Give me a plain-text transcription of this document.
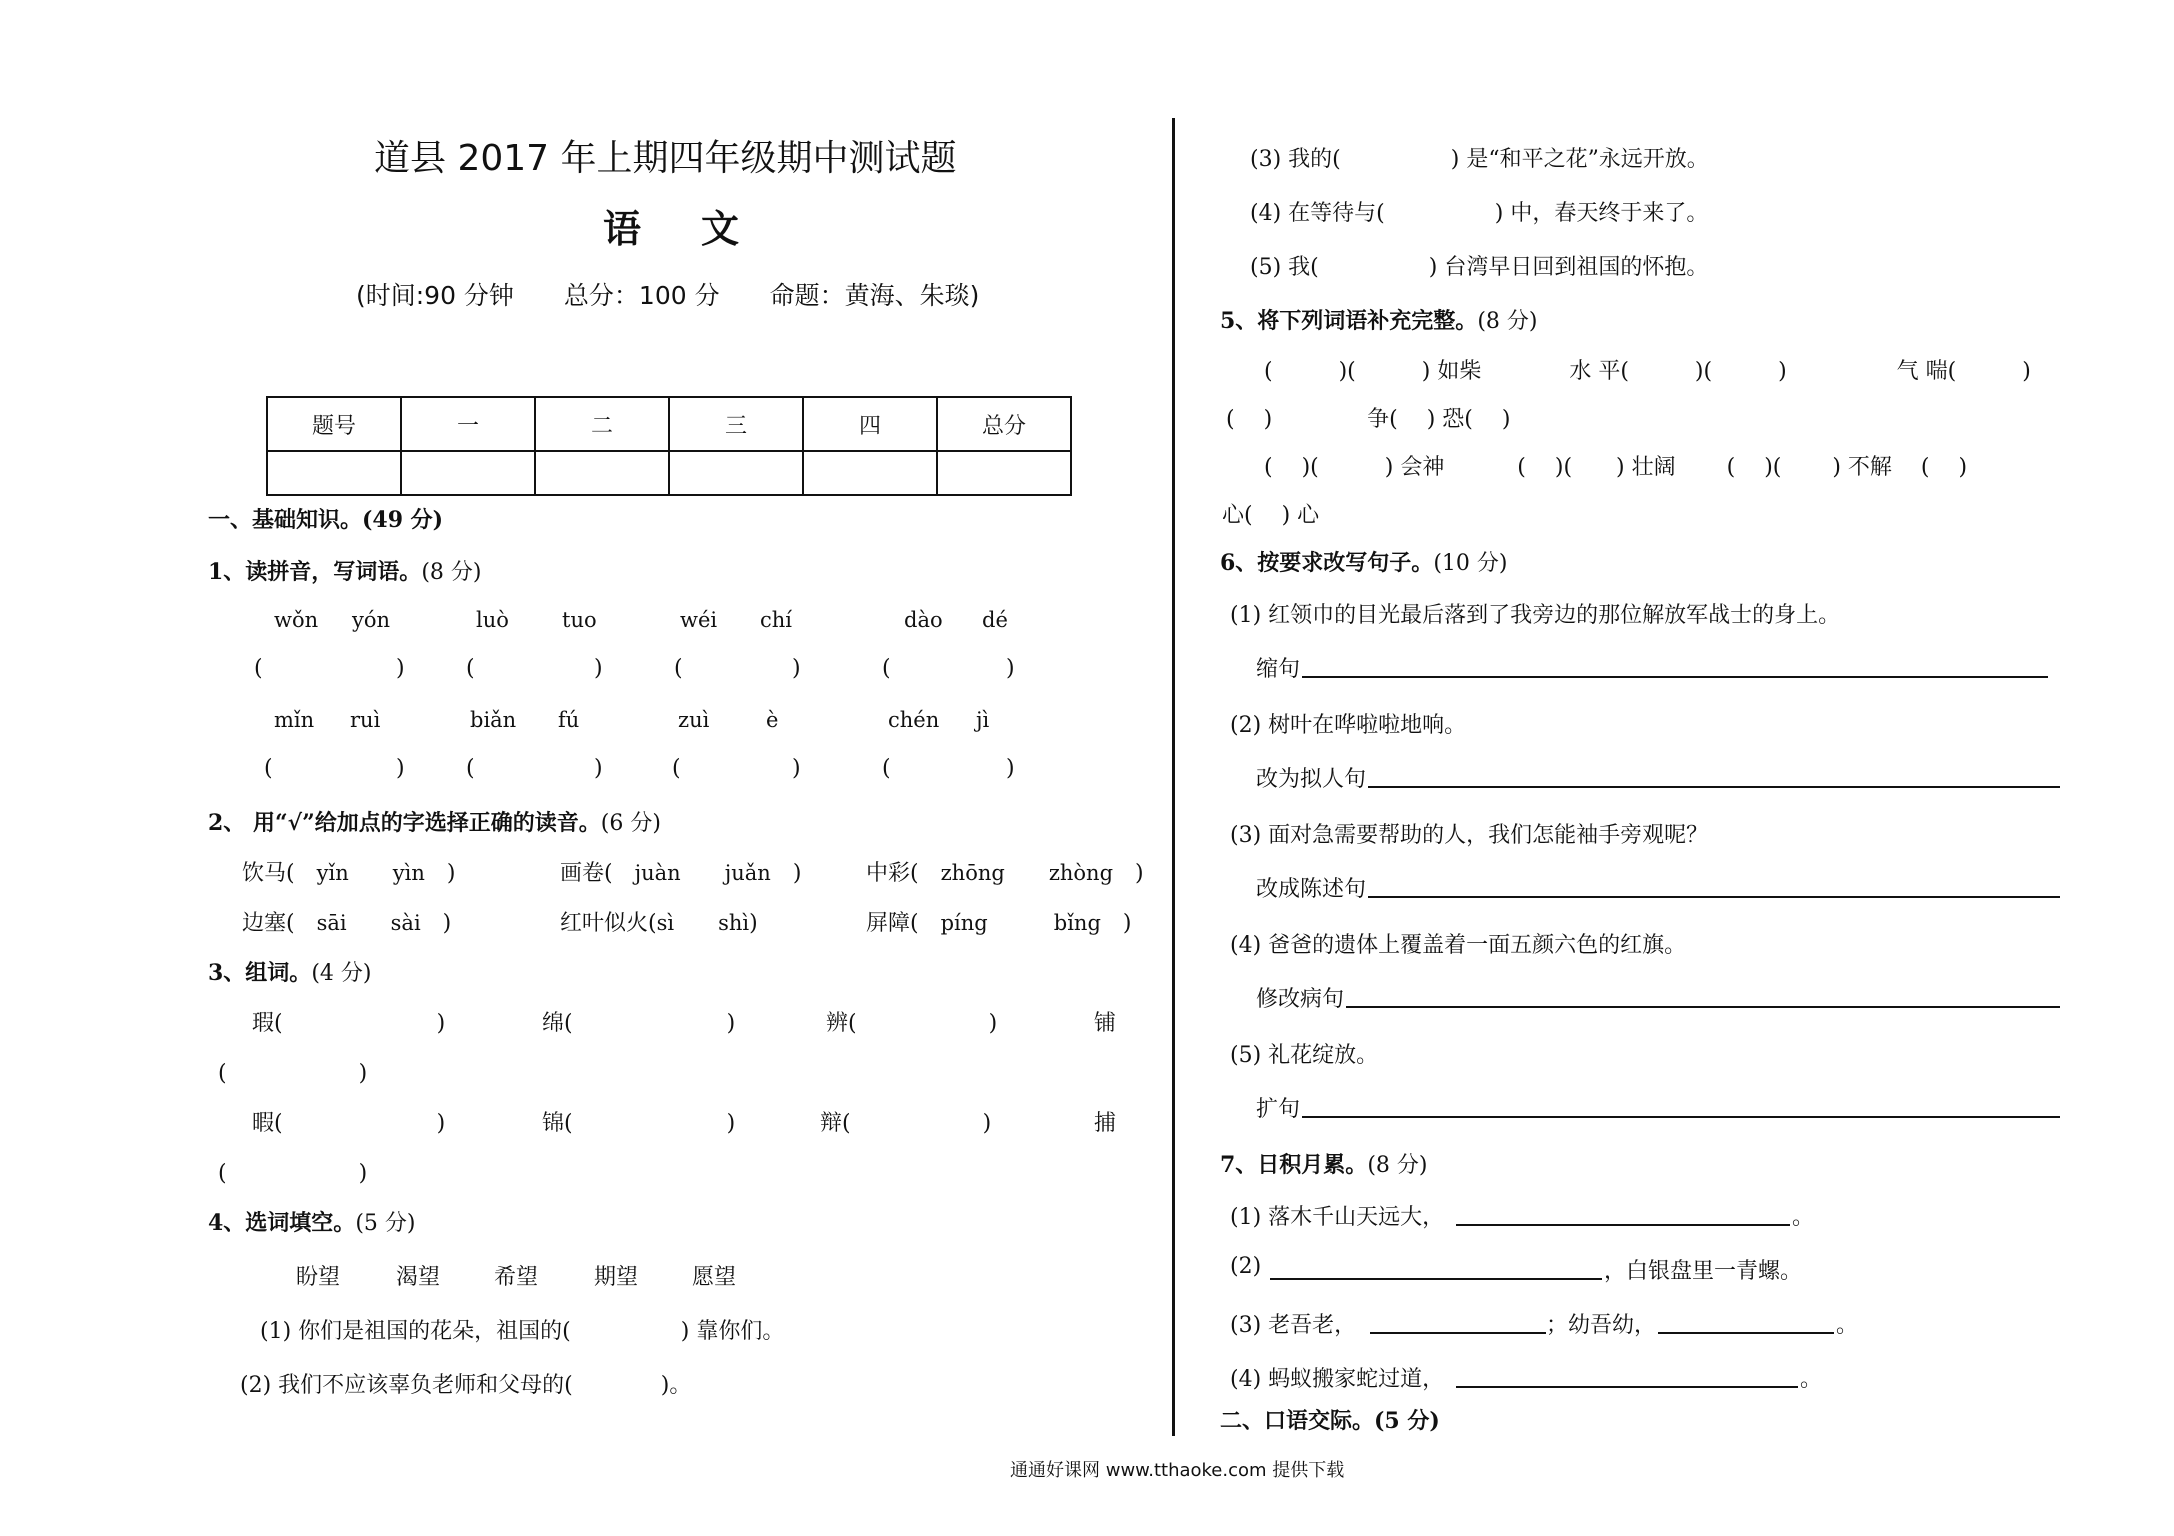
道县 2017 年上期四年级期中测试题
语文
(时间:90 分钟　　总分：100 分　　命题：黄海、朱琰)
题号	一	二	三	四	总分

一、基础知识。(49 分)
1、读拼音，写词语。(8 分)
wǒn yón	luò	tuo	wéi chí	dào dé
(	)	(	)	(	)	(	)
mǐn ruì	biǎn fú	zuì	è	chén jì
(	)	(	)	(	)	(	)
2、 用“√”给加点的字选择正确的读音。(6 分)
饮马(　yǐn　　 yìn　)	画卷(　juàn　　 juǎn　)	中彩(　zhōng　　 zhòng　)
边塞(　sāi　　 sài　)	红叶似火(sì　　 shì)	屏障(　píng　　　	bǐng　)
3、组词。(4 分)
瑕(　　　　　　　)	绵(　　　　　　　)	辨(　　　　　　)	铺
(　　　　　　)
暇(　　　　　　　)	锦(　　　　　　　)	辩(　　　　　　)	捕
(　　　　　　)
4、选词填空。(5 分)
盼望	渴望 希望	期望 愿望
(1) 你们是祖国的花朵，祖国的(　　　　　) 靠你们。
(2) 我们不应该辜负老师和父母的(　　　　)。
(3) 我的(　　　　　) 是“和平之花”永远开放。
(4) 在等待与(　　　　　) 中，春天终于来了。
(5) 我(　　　　　) 台湾早日回到祖国的怀抱。
5、将下列词语补充完整。(8 分)
(　　　)(　　　) 如柴　　　　水 平(　　　)(　　　)　　　　　气 喘(　　　)
(　 )　　　　 争(　 ) 恐(　 )
(　 )(　　　) 会神　　　 (　 )(　　) 壮阔　　 (　 )(　　 ) 不解　 (　 )
心(　 ) 心
6、按要求改写句子。(10 分)
(1) 红领巾的目光最后落到了我旁边的那位解放军战士的身上。
缩句
(2) 树叶在哗啦啦地响。
改为拟人句
(3) 面对急需要帮助的人，我们怎能袖手旁观呢？
改成陈述句
(4) 爸爸的遗体上覆盖着一面五颜六色的红旗。
修改病句
(5) 礼花绽放。
扩句
7、日积月累。(8 分)
(1) 落木千山天远大，	。
(2)	，白银盘里一青螺。
(3) 老吾老，	；幼吾幼，	。
(4) 蚂蚁搬家蛇过道，	。
二、口语交际。(5 分)
通通好课网 www.tthaoke.com 提供下载
